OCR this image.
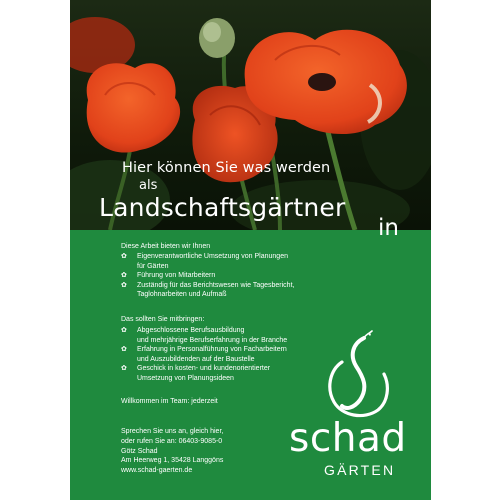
Hier können Sie was werden
als
Landschaftsgärtner
in
Diese Arbeit bieten wir Ihnen
✿ Eigenverantwortliche Umsetzung von Planungen
für Gärten
✿ Führung von Mitarbeitern
✿ Zuständig für das Berichtswesen wie Tagesbericht,
Taglohnarbeiten und Aufmaß
Das sollten Sie mitbringen:
✿ Abgeschlossene Berufsausbildung
und mehrjährige Berufserfahrung in der Branche
✿ Erfahrung in Personalführung von Facharbeitern
und Auszubildenden auf der Baustelle
✿ Geschick in kosten- und kundenorientierter
Umsetzung von Planungsideen
Willkommen im Team: jederzeit
Sprechen Sie uns an, gleich hier,
oder rufen Sie an: 06403-9085-0
Götz Schad
Am Heerweg 1, 35428 Langgöns
www.schad-gaerten.de
schad
GÄRTEN
